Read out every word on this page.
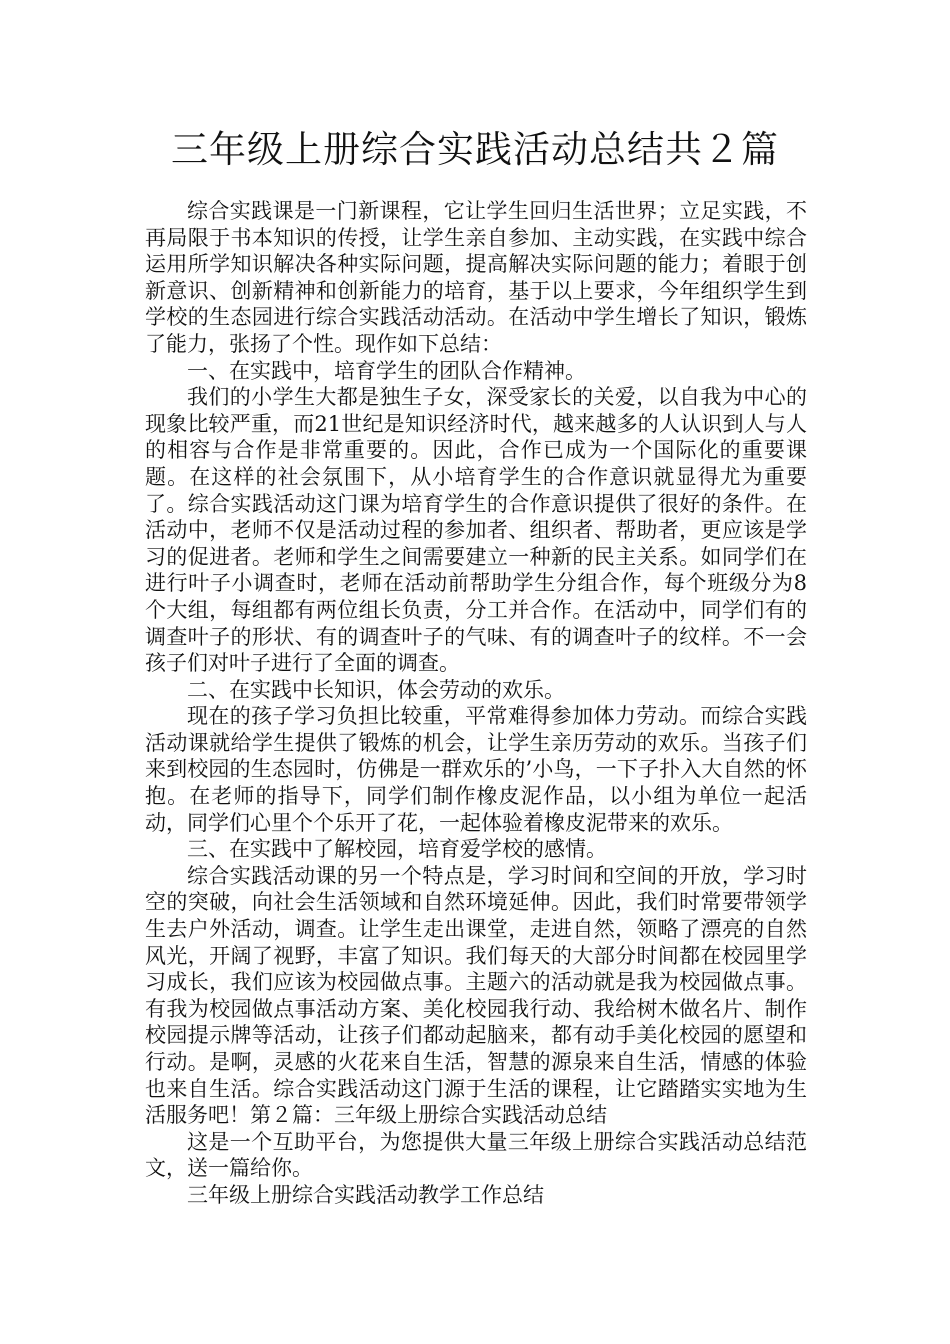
三年级上册综合实践活动总结共２篇

综合实践课是一门新课程，它让学生回归生活世界；立足实践，不再局限于书本知识的传授，让学生亲自参加、主动实践，在实践中综合运用所学知识解决各种实际问题，提高解决实际问题的能力；着眼于创新意识、创新精神和创新能力的培育，基于以上要求，今年组织学生到学校的生态园进行综合实践活动活动。在活动中学生增长了知识，锻炼了能力，张扬了个性。现作如下总结：

一、在实践中，培育学生的团队合作精神。

我们的小学生大都是独生子女，深受家长的关爱，以自我为中心的现象比较严重，而21世纪是知识经济时代，越来越多的人认识到人与人的相容与合作是非常重要的。因此，合作已成为一个国际化的重要课题。在这样的社会氛围下，从小培育学生的合作意识就显得尤为重要了。综合实践活动这门课为培育学生的合作意识提供了很好的条件。在活动中，老师不仅是活动过程的参加者、组织者、帮助者，更应该是学习的促进者。老师和学生之间需要建立一种新的民主关系。如同学们在进行叶子小调查时，老师在活动前帮助学生分组合作，每个班级分为8个大组，每组都有两位组长负责，分工并合作。在活动中，同学们有的调查叶子的形状、有的调查叶子的气味、有的调查叶子的纹样。不一会孩子们对叶子进行了全面的调查。

二、在实践中长知识，体会劳动的欢乐。

现在的孩子学习负担比较重，平常难得参加体力劳动。而综合实践活动课就给学生提供了锻炼的机会，让学生亲历劳动的欢乐。当孩子们来到校园的生态园时，仿佛是一群欢乐的’小鸟，一下子扑入大自然的怀抱。在老师的指导下，同学们制作橡皮泥作品，以小组为单位一起活动，同学们心里个个乐开了花，一起体验着橡皮泥带来的欢乐。

三、在实践中了解校园，培育爱学校的感情。

综合实践活动课的另一个特点是，学习时间和空间的开放，学习时空的突破，向社会生活领域和自然环境延伸。因此，我们时常要带领学生去户外活动，调查。让学生走出课堂，走进自然，领略了漂亮的自然风光，开阔了视野，丰富了知识。我们每天的大部分时间都在校园里学习成长，我们应该为校园做点事。主题六的活动就是我为校园做点事。有我为校园做点事活动方案、美化校园我行动、我给树木做名片、制作校园提示牌等活动，让孩子们都动起脑来，都有动手美化校园的愿望和行动。是啊，灵感的火花来自生活，智慧的源泉来自生活，情感的体验也来自生活。综合实践活动这门源于生活的课程，让它踏踏实实地为生活服务吧！第２篇：三年级上册综合实践活动总结

这是一个互助平台，为您提供大量三年级上册综合实践活动总结范文，送一篇给你。

三年级上册综合实践活动教学工作总结
